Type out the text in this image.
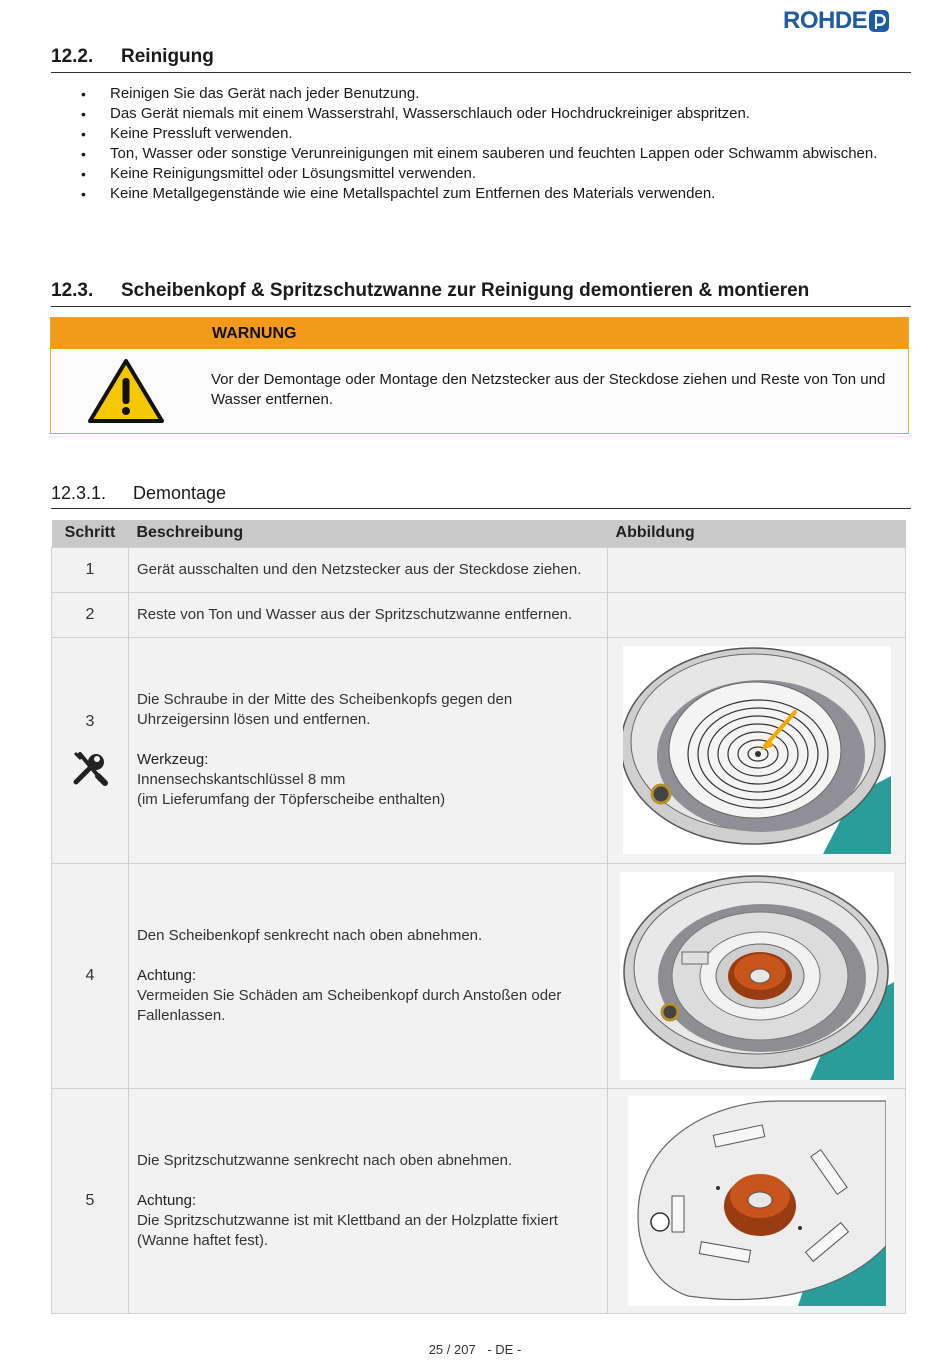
ROHDE
12.2. Reinigung
• Reinigen Sie das Gerät nach jeder Benutzung.
• Das Gerät niemals mit einem Wasserstrahl, Wasserschlauch oder Hochdruckreiniger abspritzen.
• Keine Pressluft verwenden.
• Ton, Wasser oder sonstige Verunreinigungen mit einem sauberen und feuchten Lappen oder Schwamm abwischen.
• Keine Reinigungsmittel oder Lösungsmittel verwenden.
• Keine Metallgegenstände wie eine Metallspachtel zum Entfernen des Materials verwenden.
12.3. Scheibenkopf & Spritzschutzwanne zur Reinigung demontieren & montieren
WARNUNG
Vor der Demontage oder Montage den Netzstecker aus der Steckdose ziehen und Reste von Ton und Wasser entfernen.
12.3.1. Demontage
Schritt	Beschreibung	Abbildung
1	Gerät ausschalten und den Netzstecker aus der Steckdose ziehen.	
2	Reste von Ton und Wasser aus der Spritzschutzwanne entfernen.	

3	Die Schraube in der Mitte des Scheibenkopfs gegen den Uhrzeigersinn lösen und entfernen.
Werkzeug:
Innensechskantschlüssel 8 mm
(im Lieferumfang der Töpferscheibe enthalten)

4	Den Scheibenkopf senkrecht nach oben abnehmen.
Achtung:
Vermeiden Sie Schäden am Scheibenkopf durch Anstoßen oder Fallenlassen.

5	Die Spritzschutzwanne senkrecht nach oben abnehmen.
Achtung:
Die Spritzschutzwanne ist mit Klettband an der Holzplatte fixiert (Wanne haftet fest).

25 / 207 - DE -
